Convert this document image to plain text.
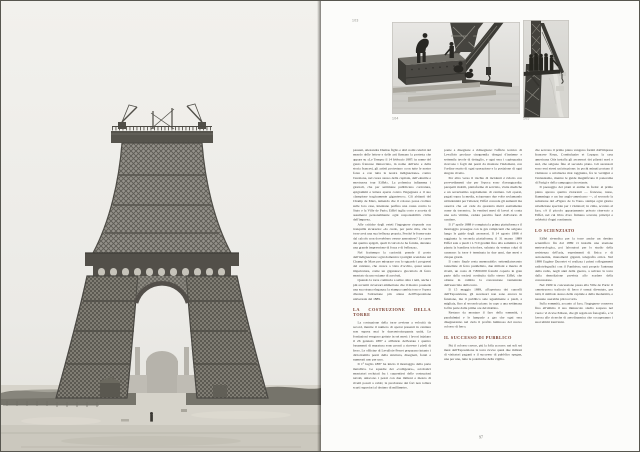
103
104	105

passant, Alexandre Dumas figlio e altri nomi celebri del mondo delle lettere e delle arti firmano la protesta che appare su «Le Temps» il 14 febbraio 1887: in nome del gusto francese minacciato, in nome dell'arte e della storia francesi, gli artisti protestano «con tutte le nostre forze e con tutta la nostra indignazione» contro l'erezione, nel cuore stesso della capitale, dell'«inutile e mostruosa tour Eiffel». La polemica infiamma i giornali, che per settimane pubblicano caricature, epigrammi e lettere aperte contro l'ingegnere e il suo «lampione tragicamente gigantesco». Gli abitanti del Champ de Mars, temendo che il colosso possa crollare sulle loro case, intentano perfino una causa contro lo Stato e la Ville de Paris; Eiffel taglia corto e accetta di assumersi personalmente ogni responsabilità civile dell'impresa.

Alle critiche degli esteti l'ingegnere risponde con tranquilla sicurezza: «Io credo, per parte mia, che la torre avrà una sua bellezza propria. Perché le forme nate dal calcolo non dovrebbero essere armoniose? Le curve dei quattro spigoli, quali il calcolo le ha fornite, daranno una grande impressione di forza e di bellezza».

Nel frattempo la curiosità prende il posto dell'indignazione: ogni domenica i parigini scendono sul Champ de Mars per misurare con lo sguardo i progressi del cantiere, che cresce a vista d'occhio, quasi senza impalcature, come un gigantesco giocattolo di ferro montato da uno sciame di acrobati.

Quando la torre comincia a salire oltre i tetti, anche i più accaniti avversari ammettono che il mostro possiede una sua strana eleganza: la stampa cambia tono e l'opera diventa l'attrazione più attesa dell'Esposizione universale del 1889.

LA COSTRUZIONE DELLA TORRE

La costruzione della torre avviene a velocità da record, mentre il numero di operai presenti in cantiere non supera mai le duecentocinquanta unità. Le fondazioni vengono gettate in sei mesi: i lavori iniziano il 26 gennaio 1887 e all'inizio dell'estate i quattro basamenti di muratura sono pronti a ricevere i piedi di ferro. Le officine di Levallois-Perret preparano intanto i diciottomila pezzi della struttura, disegnati, forati e numerati uno per uno.

Il 1° luglio 1887 ha inizio il montaggio della parte metallica. Le squadre dei «voltigeurs», acrobatici montatori reclutati fra i carpentieri delle costruzioni navali, uniscono i pezzi con due milioni e mezzo di rivetti posati a caldo; la precisione dei fori non tollera scarti superiori al decimo di millimetro.

ponte a disegnare e ridisegnare: l'ufficio tecnico di Levallois produce cinquemila disegni d'insieme e settemila tavole di dettaglio, e ogni sera i capisquadra ricevono i fogli dei pezzi da montare l'indomani, con l'ordine esatto di ogni operazione e la posizione di ogni singolo rivetto.

Per altro verso il rischio di incidenti è ridotto con provvedimenti che per l'epoca sono d'avanguardia: parapetti mobili, piattaforme di servizio, visite mediche e un severissimo regolamento di cantiere. Gli operai, pagati sopra la media, scioperano due volte reclamando un'indennità per l'altezza; Eiffel concede gli aumenti ma osserva che «si cade da quaranta metri esattamente come da trecento». In ventisei mesi di lavori si conta una sola vittima, caduta peraltro fuori dall'orario di cantiere.

Il 1° aprile 1888 è compiuta la prima piattaforma e il montaggio prosegue con le gru rampicanti che salgono lungo le guide degli ascensori. Il 14 agosto 1888 è raggiunta la seconda piattaforma; il 31 marzo 1889 Eiffel sale a piedi i 1.710 gradini fino alla sommità e vi pianta la bandiera tricolore, salutata da ventun colpi di cannone: la torre è terminata in due anni, due mesi e cinque giorni.

Il conto finale resta memorabile: settemilatrecento tonnellate di ferro puddellato, due milioni e mezzo di rivetti, un costo di 7.800.000 franchi coperto in gran parte dalla società costituita dallo stesso Eiffel, che ottiene in cambio la concessione ventennale dell'esercizio della torre.

Il 15 maggio 1889, all'apertura dei cancelli dell'Esposizione, gli ascensori non sono ancora in funzione, ma il pubblico sale ugualmente a piedi, a migliaia, fino al secondo piano: in capo a una settimana la fila parte dalle prime ore del mattino.

Restano da montare il faro della sommità, i parafulmini e le lampade a gas che ogni sera disegneranno nel cielo il profilo luminoso del nuovo colosso di ferro.

IL SUCCESSO DI PUBBLICO

Più il colosso cresce, più la folla accorre: nei soli sei mesi dell'Esposizione la torre riceve quasi due milioni di visitatori paganti e il successo di pubblico spegne, una per una, tutte le polemiche della vigilia.

che servono il primo piano vengono forniti dall'impresa francese Roux, Combaluzier et Lepape; la casa americana Otis installa gli ascensori dei pilastri nord e sud, che salgono fino al secondo piano. Gli ascensori sono essi stessi un'attrazione: in pochi minuti portano il visitatore a un'altezza mai raggiunta, fra le vertigini e l'entusiasmo, mentre le guide magnificano il panorama di Parigi e della campagna circostante.

Il paesaggio dei piani si anima in fretta: al primo piano aprono quattro ristoranti — francese, russo, fiammingo e un bar anglo-americano —, al secondo la redazione del «Figaro de la Tour» stampa ogni giorno un'edizione speciale per i visitatori; in cima, accanto al faro, c'è il piccolo appartamento privato riservato a Eiffel, nel cui libro d'oro firmano sovrani, principi e celebrità d'ogni continente.

LO SCIENZIATO

Eiffel rivendica per la torre anche un destino scientifico: fin dal 1889 vi installa una stazione meteorologica, poi laboratori per lo studio della resistenza dell'aria, esperimenti di fisica e di astronomia, manometri giganti, telegrafia ottica. Nel 1898 Eugène Ducretet vi realizza i primi collegamenti radiotelegrafici con il Panthéon; sarà proprio l'antenna della radio, negli anni della guerra, a salvare la torre dalla demolizione prevista allo scadere della concessione.

Nel 1909 la concessione passa alla Ville de Paris: il «mostruoso» traliccio di ferro è ormai diventato, per tutti, il simbolo stesso della capitale e della modernità, e nessuno oserebbe più toccarlo.

Sulla sommità, accanto al faro, l'ingegnere conserva fino all'ultimo il suo minuscolo studio sospeso nel vuoto: vi riceve Edison, che gli regala un fonografo, e vi lavora alle ricerche di aerodinamica che occuperanno i suoi ultimi trent'anni.

97
